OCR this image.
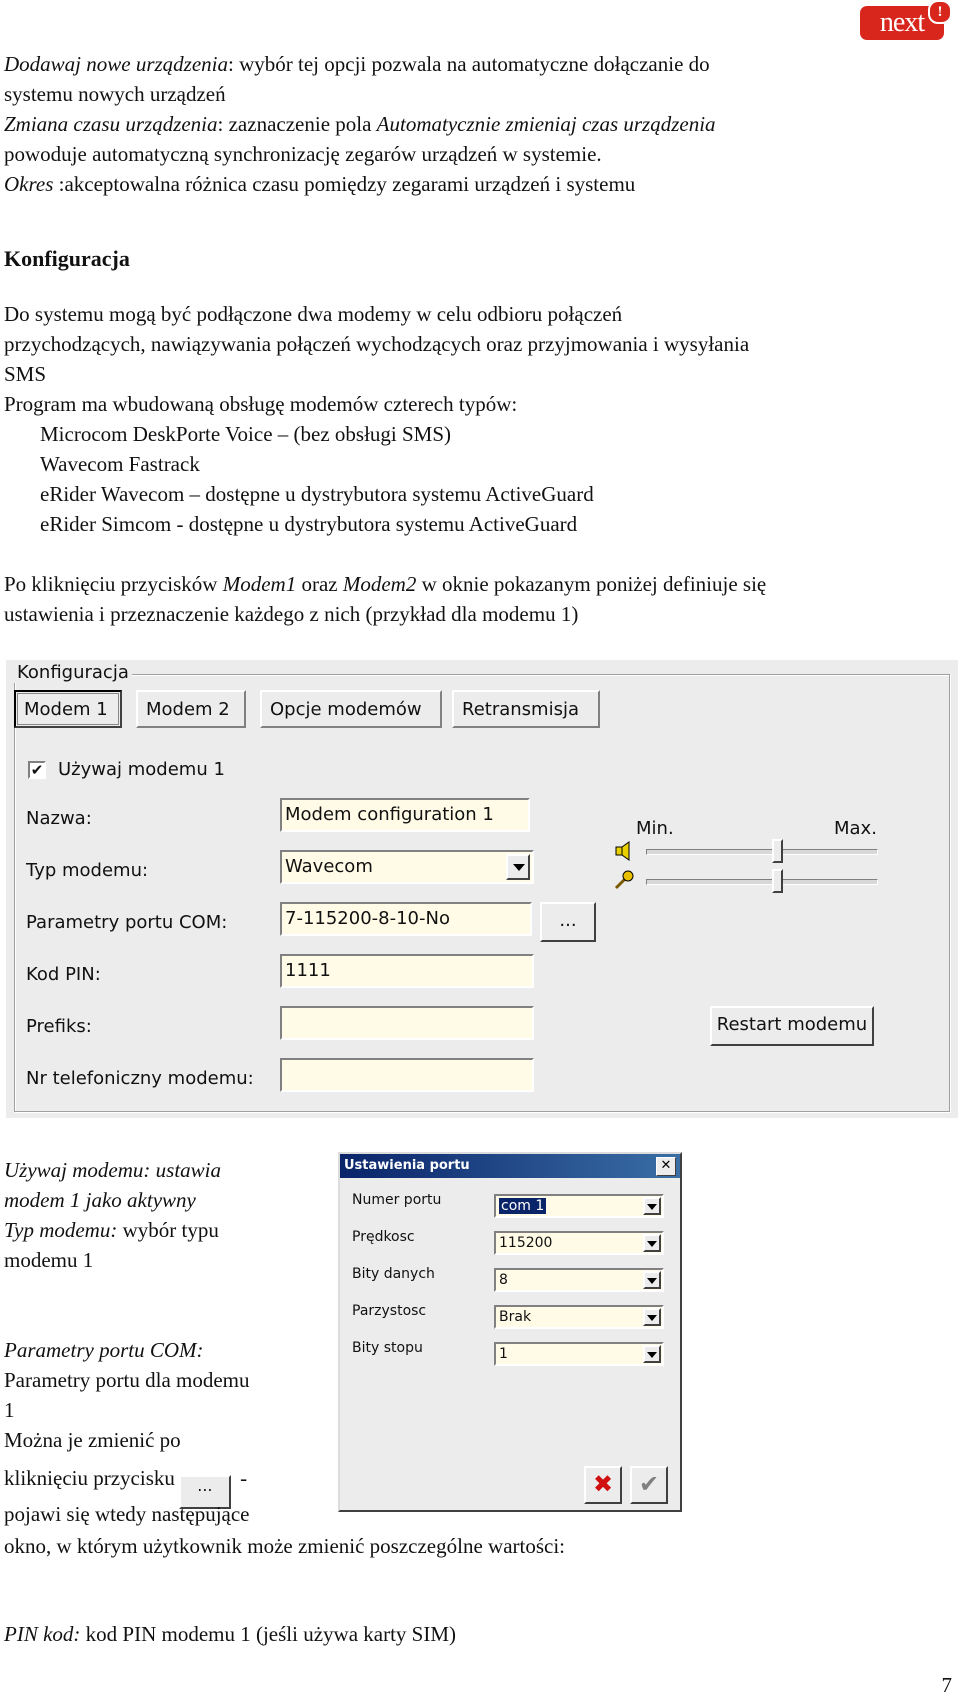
next !

Dodawaj nowe urządzenia: wybór tej opcji pozwala na automatyczne dołączanie do

systemu nowych urządzeń

Zmiana czasu urządzenia: zaznaczenie pola Automatycznie zmieniaj czas urządzenia

powoduje automatyczną synchronizację zegarów urządzeń w systemie.

Okres :akceptowalna różnica czasu pomiędzy zegarami urządzeń i systemu

Konfiguracja

Do systemu mogą być podłączone dwa modemy w celu odbioru połączeń

przychodzących, nawiązywania połączeń wychodzących oraz przyjmowania i wysyłania

SMS

Program ma wbudowaną obsługę modemów czterech typów:

Microcom DeskPorte Voice – (bez obsługi SMS)

Wavecom Fastrack

eRider Wavecom – dostępne u dystrybutora systemu ActiveGuard

eRider Simcom - dostępne u dystrybutora systemu ActiveGuard

Po kliknięciu przycisków Modem1 oraz Modem2 w oknie pokazanym poniżej definiuje się

ustawienia i przeznaczenie każdego z nich (przykład dla modemu 1)

Konfiguracja
Modem 1	Modem 2	Opcje modemów	Retransmisja
✔ Używaj modemu 1
Nazwa:	Modem configuration 1
Typ modemu:	Wavecom
Parametry portu COM:	7-115200-8-10-No	...
Kod PIN:	1111
Prefiks:
Nr telefoniczny modemu:
Min.	Max.
Restart modemu

Używaj modemu: ustawia

modem 1 jako aktywny

Typ modemu: wybór typu

modemu 1

Parametry portu COM:

Parametry portu dla modemu

1

Można je zmienić po

kliknięciu przycisku ... -

pojawi się wtedy następujące

okno, w którym użytkownik może zmienić poszczególne wartości:

Ustawienia portu	✕
Numer portu	com 1
Prędkosc	115200
Bity danych	8
Parzystosc	Brak
Bity stopu	1
✖	✔

PIN kod: kod PIN modemu 1 (jeśli używa karty SIM)

7
